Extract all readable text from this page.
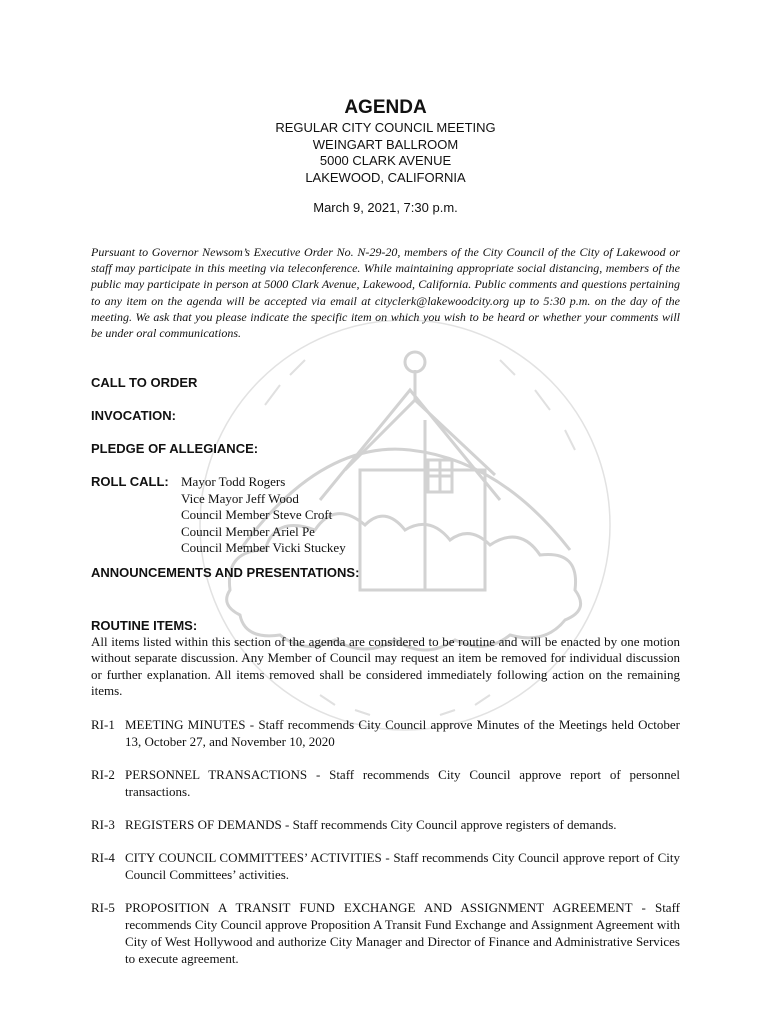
AGENDA
REGULAR CITY COUNCIL MEETING
WEINGART BALLROOM
5000 CLARK AVENUE
LAKEWOOD, CALIFORNIA
March 9, 2021, 7:30 p.m.
Pursuant to Governor Newsom’s Executive Order No. N-29-20, members of the City Council of the City of Lakewood or staff may participate in this meeting via teleconference. While maintaining appropriate social distancing, members of the public may participate in person at 5000 Clark Avenue, Lakewood, California. Public comments and questions pertaining to any item on the agenda will be accepted via email at cityclerk@lakewoodcity.org up to 5:30 p.m. on the day of the meeting. We ask that you please indicate the specific item on which you wish to be heard or whether your comments will be under oral communications.
CALL TO ORDER
INVOCATION:
PLEDGE OF ALLEGIANCE:
ROLL CALL: Mayor Todd Rogers
Vice Mayor Jeff Wood
Council Member Steve Croft
Council Member Ariel Pe
Council Member Vicki Stuckey
ANNOUNCEMENTS AND PRESENTATIONS:
ROUTINE ITEMS:
All items listed within this section of the agenda are considered to be routine and will be enacted by one motion without separate discussion. Any Member of Council may request an item be removed for individual discussion or further explanation. All items removed shall be considered immediately following action on the remaining items.
RI-1 MEETING MINUTES - Staff recommends City Council approve Minutes of the Meetings held October 13, October 27, and November 10, 2020
RI-2 PERSONNEL TRANSACTIONS - Staff recommends City Council approve report of personnel transactions.
RI-3 REGISTERS OF DEMANDS - Staff recommends City Council approve registers of demands.
RI-4 CITY COUNCIL COMMITTEES’ ACTIVITIES - Staff recommends City Council approve report of City Council Committees’ activities.
RI-5 PROPOSITION A TRANSIT FUND EXCHANGE AND ASSIGNMENT AGREEMENT - Staff recommends City Council approve Proposition A Transit Fund Exchange and Assignment Agreement with City of West Hollywood and authorize City Manager and Director of Finance and Administrative Services to execute agreement.
